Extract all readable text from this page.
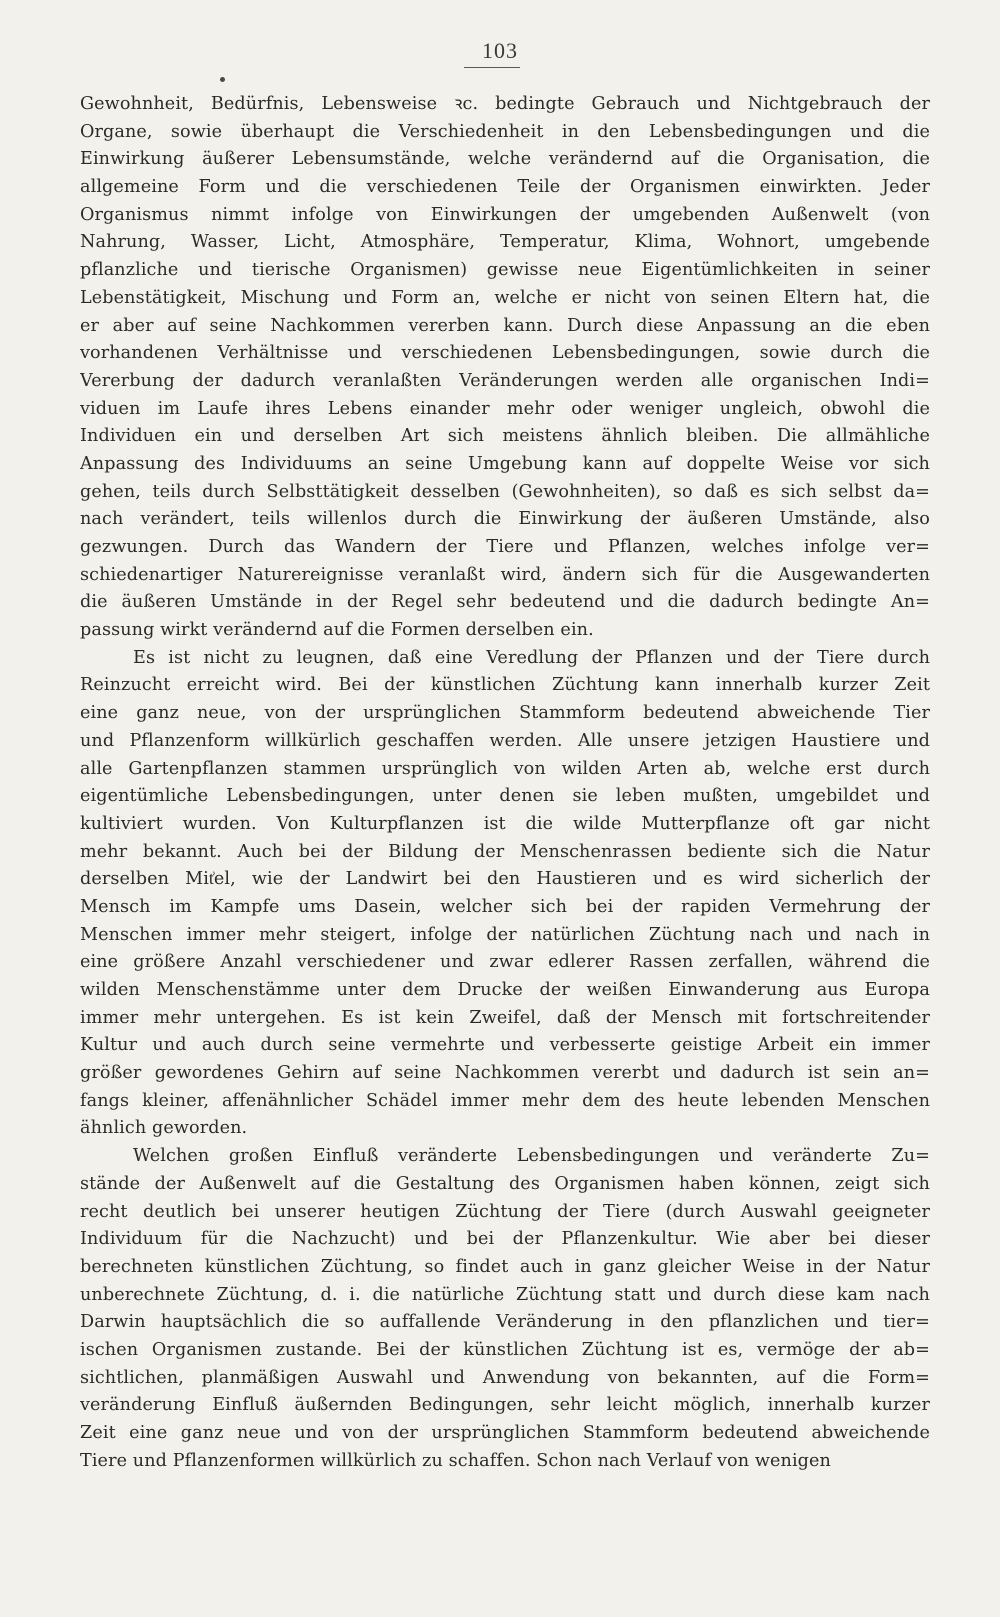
103
Gewohnheit, Bedürfnis, Lebensweise ꝛc. bedingte Gebrauch und Nichtgebrauch der
Organe, sowie überhaupt die Verschiedenheit in den Lebensbedingungen und die
Einwirkung äußerer Lebensumstände, welche verändernd auf die Organisation, die
allgemeine Form und die verschiedenen Teile der Organismen einwirkten. Jeder
Organismus nimmt infolge von Einwirkungen der umgebenden Außenwelt (von
Nahrung, Wasser, Licht, Atmosphäre, Temperatur, Klima, Wohnort, umgebende
pflanzliche und tierische Organismen) gewisse neue Eigentümlichkeiten in seiner
Lebenstätigkeit, Mischung und Form an, welche er nicht von seinen Eltern hat, die
er aber auf seine Nachkommen vererben kann. Durch diese Anpassung an die eben
vorhandenen Verhältnisse und verschiedenen Lebensbedingungen, sowie durch die
Vererbung der dadurch veranlaßten Veränderungen werden alle organischen Indi=
viduen im Laufe ihres Lebens einander mehr oder weniger ungleich, obwohl die
Individuen ein und derselben Art sich meistens ähnlich bleiben. Die allmähliche
Anpassung des Individuums an seine Umgebung kann auf doppelte Weise vor sich
gehen, teils durch Selbsttätigkeit desselben (Gewohnheiten), so daß es sich selbst da=
nach verändert, teils willenlos durch die Einwirkung der äußeren Umstände, also
gezwungen. Durch das Wandern der Tiere und Pflanzen, welches infolge ver=
schiedenartiger Naturereignisse veranlaßt wird, ändern sich für die Ausgewanderten
die äußeren Umstände in der Regel sehr bedeutend und die dadurch bedingte An=
passung wirkt verändernd auf die Formen derselben ein.
Es ist nicht zu leugnen, daß eine Veredlung der Pflanzen und der Tiere durch
Reinzucht erreicht wird. Bei der künstlichen Züchtung kann innerhalb kurzer Zeit
eine ganz neue, von der ursprünglichen Stammform bedeutend abweichende Tier
und Pflanzenform willkürlich geschaffen werden. Alle unsere jetzigen Haustiere und
alle Gartenpflanzen stammen ursprünglich von wilden Arten ab, welche erst durch
eigentümliche Lebensbedingungen, unter denen sie leben mußten, umgebildet und
kultiviert wurden. Von Kulturpflanzen ist die wilde Mutterpflanze oft gar nicht
mehr bekannt. Auch bei der Bildung der Menschenrassen bediente sich die Natur
derselben Mit͗el, wie der Landwirt bei den Haustieren und es wird sicherlich der
Mensch im Kampfe ums Dasein, welcher sich bei der rapiden Vermehrung der
Menschen immer mehr steigert, infolge der natürlichen Züchtung nach und nach in
eine größere Anzahl verschiedener und zwar edlerer Rassen zerfallen, während die
wilden Menschenstämme unter dem Drucke der weißen Einwanderung aus Europa
immer mehr untergehen. Es ist kein Zweifel, daß der Mensch mit fortschreitender
Kultur und auch durch seine vermehrte und verbesserte geistige Arbeit ein immer
größer gewordenes Gehirn auf seine Nachkommen vererbt und dadurch ist sein an=
fangs kleiner, affenähnlicher Schädel immer mehr dem des heute lebenden Menschen
ähnlich geworden.
Welchen großen Einfluß veränderte Lebensbedingungen und veränderte Zu=
stände der Außenwelt auf die Gestaltung des Organismen haben können, zeigt sich
recht deutlich bei unserer heutigen Züchtung der Tiere (durch Auswahl geeigneter
Individuum für die Nachzucht) und bei der Pflanzenkultur. Wie aber bei dieser
berechneten künstlichen Züchtung, so findet auch in ganz gleicher Weise in der Natur
unberechnete Züchtung, d. i. die natürliche Züchtung statt und durch diese kam nach
Darwin hauptsächlich die so auffallende Veränderung in den pflanzlichen und tier=
ischen Organismen zustande. Bei der künstlichen Züchtung ist es, vermöge der ab=
sichtlichen, planmäßigen Auswahl und Anwendung von bekannten, auf die Form=
veränderung Einfluß äußernden Bedingungen, sehr leicht möglich, innerhalb kurzer
Zeit eine ganz neue und von der ursprünglichen Stammform bedeutend abweichende
Tiere und Pflanzenformen willkürlich zu schaffen. Schon nach Verlauf von wenigen
